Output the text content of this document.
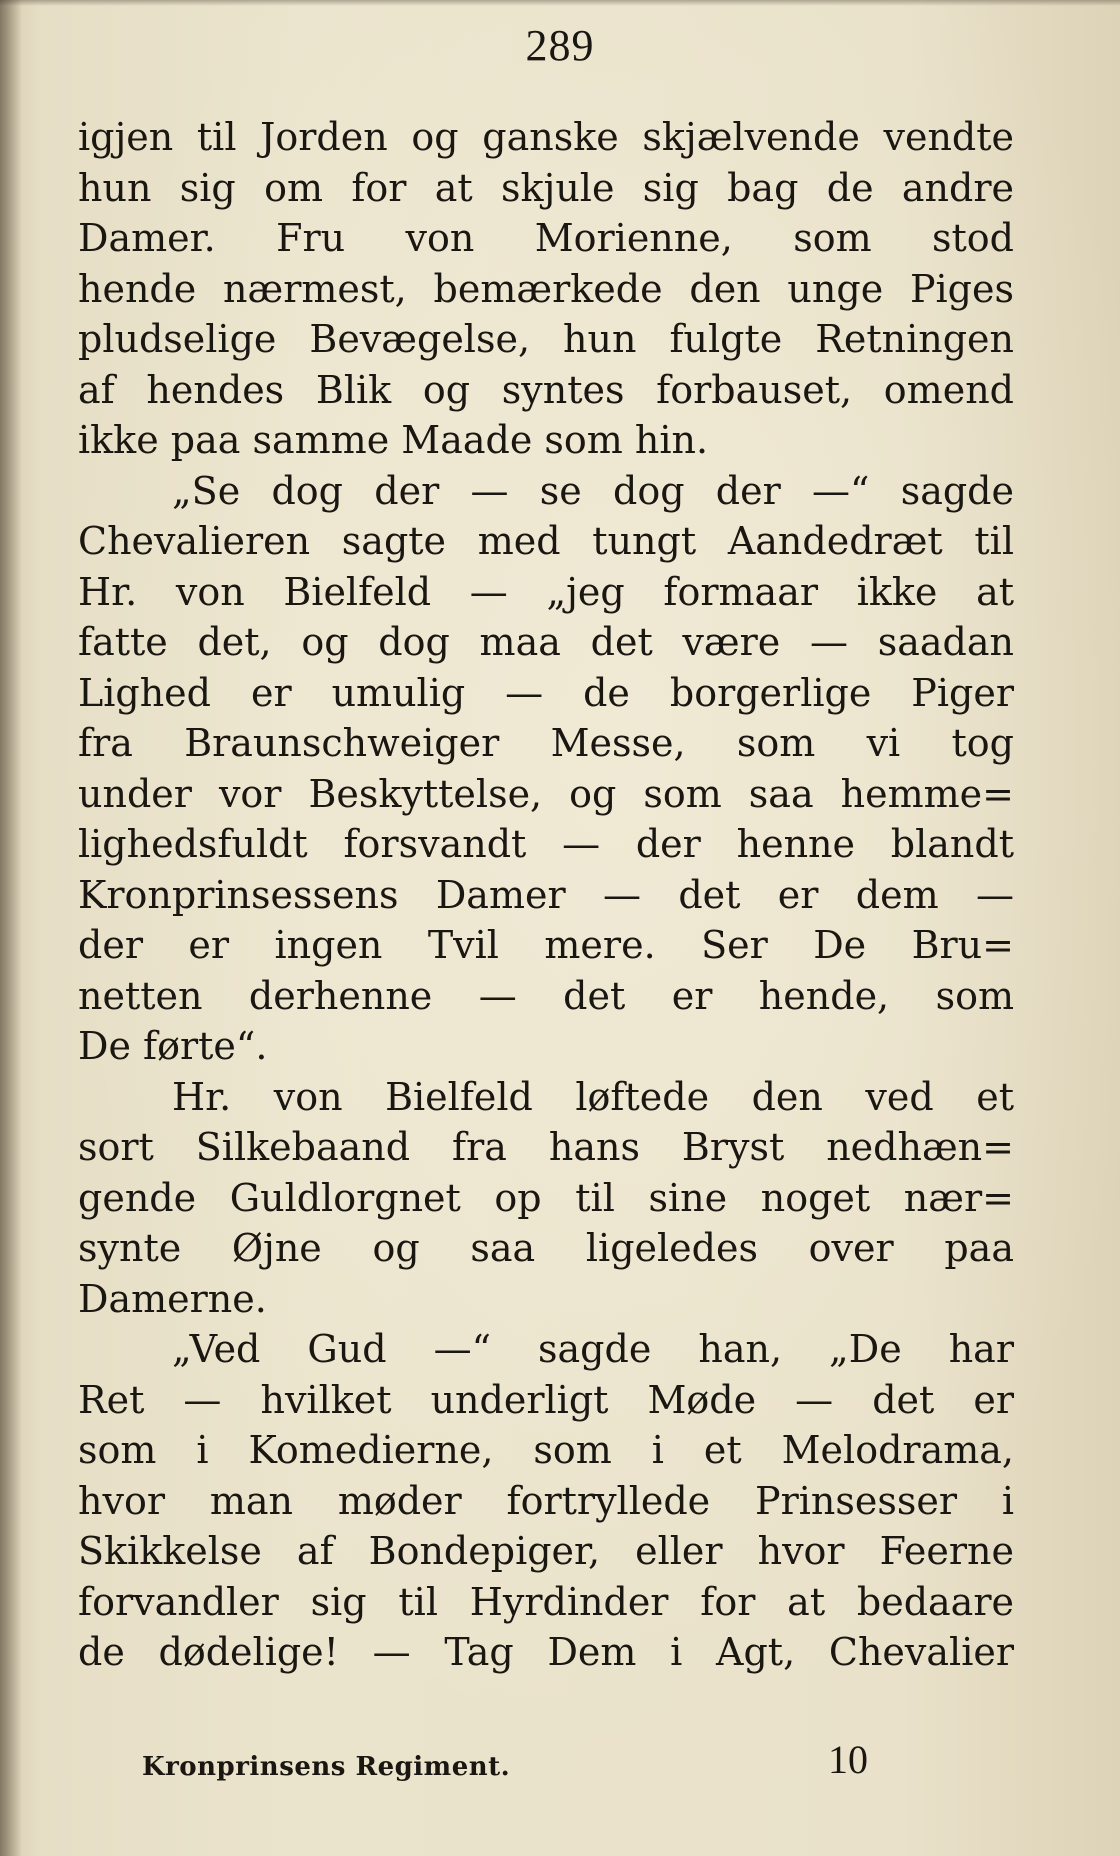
289
igjen til Jorden og ganske skjælvende vendte
hun sig om for at skjule sig bag de andre
Damer. Fru von Morienne, som stod
hende nærmest, bemærkede den unge Piges
pludselige Bevægelse, hun fulgte Retningen
af hendes Blik og syntes forbauset, omend
ikke paa samme Maade som hin.
„Se dog der — se dog der —“ sagde
Chevalieren sagte med tungt Aandedræt til
Hr. von Bielfeld — „jeg formaar ikke at
fatte det, og dog maa det være — saadan
Lighed er umulig — de borgerlige Piger
fra Braunschweiger Messe, som vi tog
under vor Beskyttelse, og som saa hemme=
lighedsfuldt forsvandt — der henne blandt
Kronprinsessens Damer — det er dem —
der er ingen Tvil mere. Ser De Bru=
netten derhenne — det er hende, som
De førte“.
Hr. von Bielfeld løftede den ved et
sort Silkebaand fra hans Bryst nedhæn=
gende Guldlorgnet op til sine noget nær=
synte Øjne og saa ligeledes over paa
Damerne.
„Ved Gud —“ sagde han, „De har
Ret — hvilket underligt Møde — det er
som i Komedierne, som i et Melodrama,
hvor man møder fortryllede Prinsesser i
Skikkelse af Bondepiger, eller hvor Feerne
forvandler sig til Hyrdinder for at bedaare
de dødelige! — Tag Dem i Agt, Chevalier
Kronprinsens Regiment.	10
